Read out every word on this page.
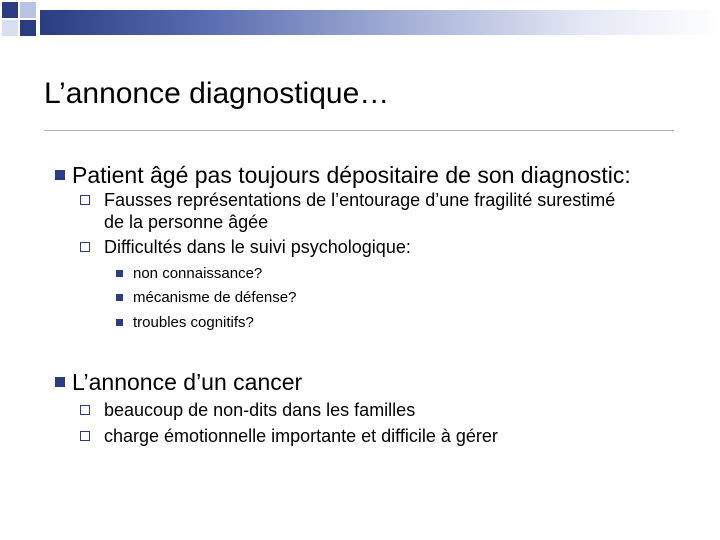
L’annonce diagnostique…
Patient âgé pas toujours dépositaire de son diagnostic:
Fausses représentations de l’entourage d’une fragilité surestimé
de la personne âgée
Difficultés dans le suivi psychologique:
non connaissance?
mécanisme de défense?
troubles cognitifs?
L’annonce d’un cancer
beaucoup de non-dits dans les familles
charge émotionnelle importante et difficile à gérer
